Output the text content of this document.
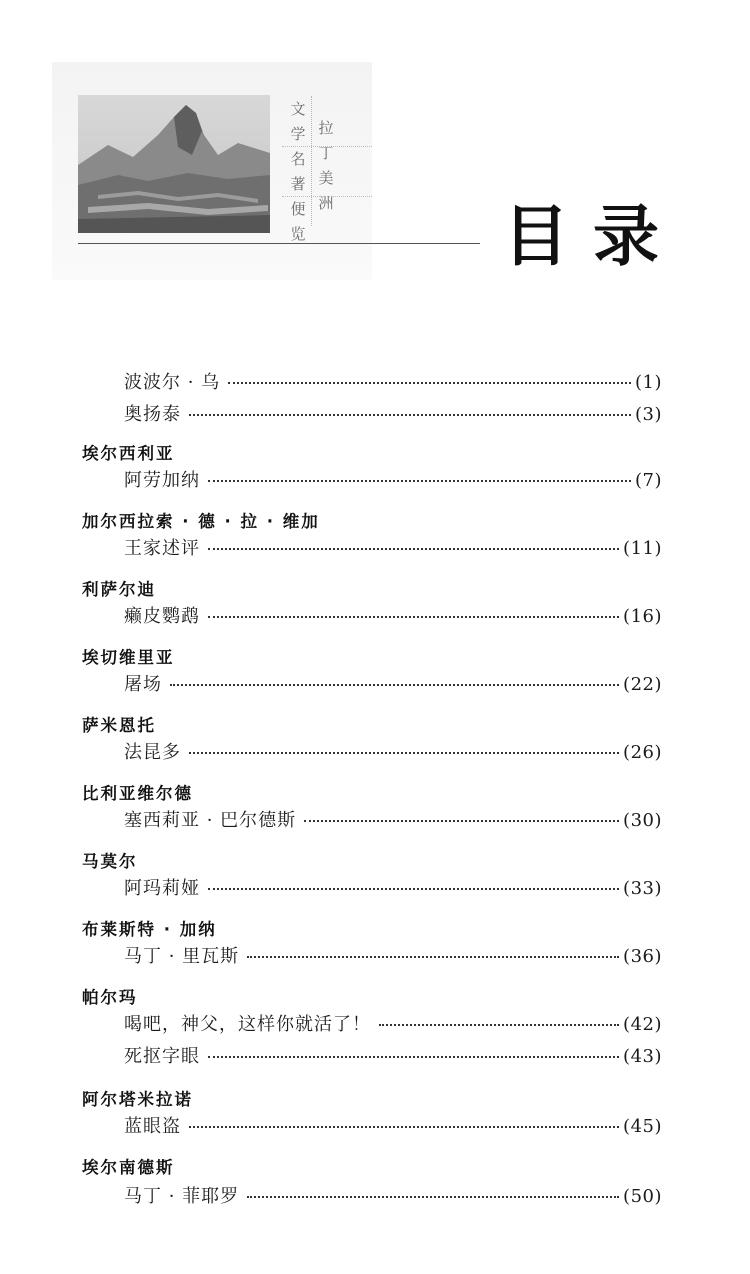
文
学
名
著
便
览
拉
丁
美
洲	目录
波波尔 · 乌	(1)
奥扬泰	(3)
埃尔西利亚
阿劳加纳	(7)
加尔西拉索 · 德 · 拉 · 维加
王家述评	(11)
利萨尔迪
癞皮鹦鹉	(16)
埃切维里亚
屠场	(22)
萨米恩托
法昆多	(26)
比利亚维尔德
塞西莉亚 · 巴尔德斯	(30)
马莫尔
阿玛莉娅	(33)
布莱斯特 · 加纳
马丁 · 里瓦斯	(36)
帕尔玛
喝吧，神父，这样你就活了！	(42)
死抠字眼	(43)
阿尔塔米拉诺
蓝眼盗	(45)
埃尔南德斯
马丁 · 菲耶罗	(50)
